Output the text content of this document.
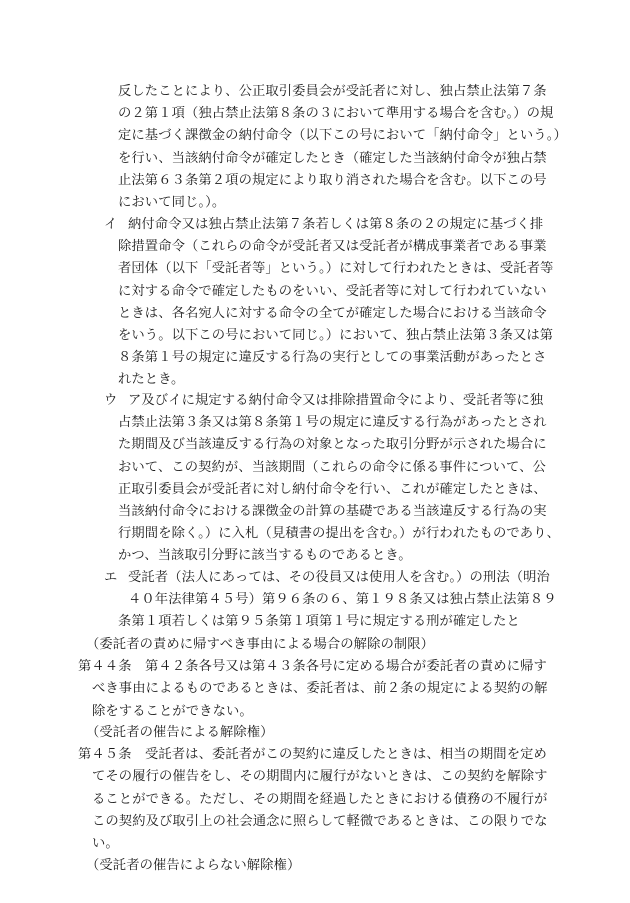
反したことにより、公正取引委員会が受託者に対し、独占禁止法第７条

の２第１項（独占禁止法第８条の３において準用する場合を含む。）の規

定に基づく課徴金の納付命令（以下この号において「納付命令」という。）

を行い、当該納付命令が確定したとき（確定した当該納付命令が独占禁

止法第６３条第２項の規定により取り消された場合を含む。以下この号

において同じ。）。

イ 納付命令又は独占禁止法第７条若しくは第８条の２の規定に基づく排

除措置命令（これらの命令が受託者又は受託者が構成事業者である事業

者団体（以下「受託者等」という。）に対して行われたときは、受託者等

に対する命令で確定したものをいい、受託者等に対して行われていない

ときは、各名宛人に対する命令の全てが確定した場合における当該命令

をいう。以下この号において同じ。）において、独占禁止法第３条又は第

８条第１号の規定に違反する行為の実行としての事業活動があったとさ

れたとき。

ウ ア及びイに規定する納付命令又は排除措置命令により、受託者等に独

占禁止法第３条又は第８条第１号の規定に違反する行為があったとされ

た期間及び当該違反する行為の対象となった取引分野が示された場合に

おいて、この契約が、当該期間（これらの命令に係る事件について、公

正取引委員会が受託者に対し納付命令を行い、これが確定したときは、

当該納付命令における課徴金の計算の基礎である当該違反する行為の実

行期間を除く。）に入札（見積書の提出を含む。）が行われたものであり、

かつ、当該取引分野に該当するものであるとき。

エ 受託者（法人にあっては、その役員又は使用人を含む。）の刑法（明治

４０年法律第４５号）第９６条の６、第１９８条又は独占禁止法第８９

条第１項若しくは第９５条第１項第１号に規定する刑が確定したと

（委託者の責めに帰すべき事由による場合の解除の制限）

第４４条　第４２条各号又は第４３条各号に定める場合が委託者の責めに帰す

べき事由によるものであるときは、委託者は、前２条の規定による契約の解

除をすることができない。

（受託者の催告による解除権）

第４５条　受託者は、委託者がこの契約に違反したときは、相当の期間を定め

てその履行の催告をし、その期間内に履行がないときは、この契約を解除す

ることができる。ただし、その期間を経過したときにおける債務の不履行が

この契約及び取引上の社会通念に照らして軽微であるときは、この限りでな

い。

（受託者の催告によらない解除権）
